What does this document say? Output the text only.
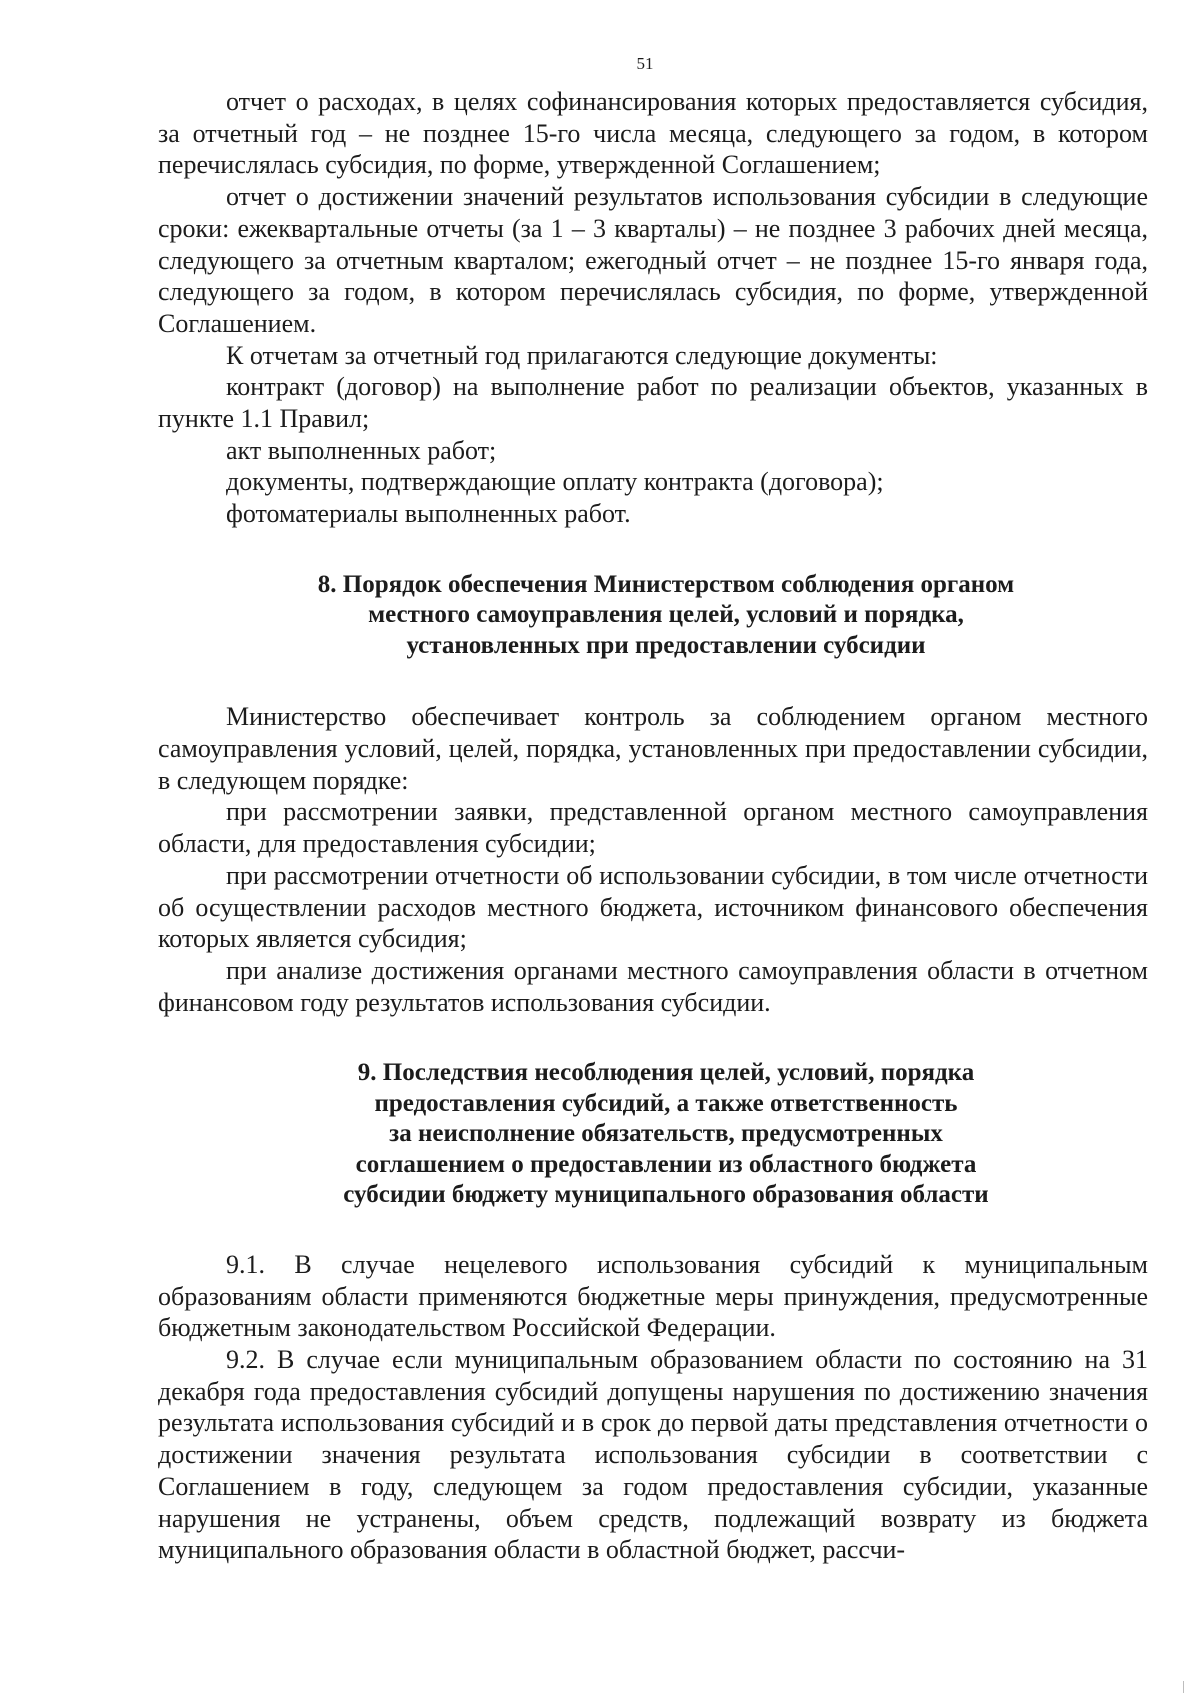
51

отчет о расходах, в целях софинансирования которых предоставляется субсидия, за отчетный год – не позднее 15-го числа месяца, следующего за годом, в котором перечислялась субсидия, по форме, утвержденной Соглашением;

отчет о достижении значений результатов использования субсидии в следующие сроки: ежеквартальные отчеты (за 1 – 3 кварталы) – не позднее 3 рабочих дней месяца, следующего за отчетным кварталом; ежегодный отчет – не позднее 15-го января года, следующего за годом, в котором перечислялась субсидия, по форме, утвержденной Соглашением.

К отчетам за отчетный год прилагаются следующие документы:

контракт (договор) на выполнение работ по реализации объектов, указанных в пункте 1.1 Правил;

акт выполненных работ;

документы, подтверждающие оплату контракта (договора);

фотоматериалы выполненных работ.

8. Порядок обеспечения Министерством соблюдения органом
местного самоуправления целей, условий и порядка,
установленных при предоставлении субсидии

Министерство обеспечивает контроль за соблюдением органом местного самоуправления условий, целей, порядка, установленных при предоставлении субсидии, в следующем порядке:

при рассмотрении заявки, представленной органом местного самоуправления области, для предоставления субсидии;

при рассмотрении отчетности об использовании субсидии, в том числе отчетности об осуществлении расходов местного бюджета, источником финансового обеспечения которых является субсидия;

при анализе достижения органами местного самоуправления области в отчетном финансовом году результатов использования субсидии.

9. Последствия несоблюдения целей, условий, порядка
предоставления субсидий, а также ответственность
за неисполнение обязательств, предусмотренных
соглашением о предоставлении из областного бюджета
субсидии бюджету муниципального образования области

9.1. В случае нецелевого использования субсидий к муниципальным образованиям области применяются бюджетные меры принуждения, предусмотренные бюджетным законодательством Российской Федерации.

9.2. В случае если муниципальным образованием области по состоянию на 31 декабря года предоставления субсидий допущены нарушения по достижению значения результата использования субсидий и в срок до первой даты представления отчетности о достижении значения результата использования субсидии в соответствии с Соглашением в году, следующем за годом предоставления субсидии, указанные нарушения не устранены, объем средств, подлежащий возврату из бюджета муниципального образования области в областной бюджет, рассчи-
